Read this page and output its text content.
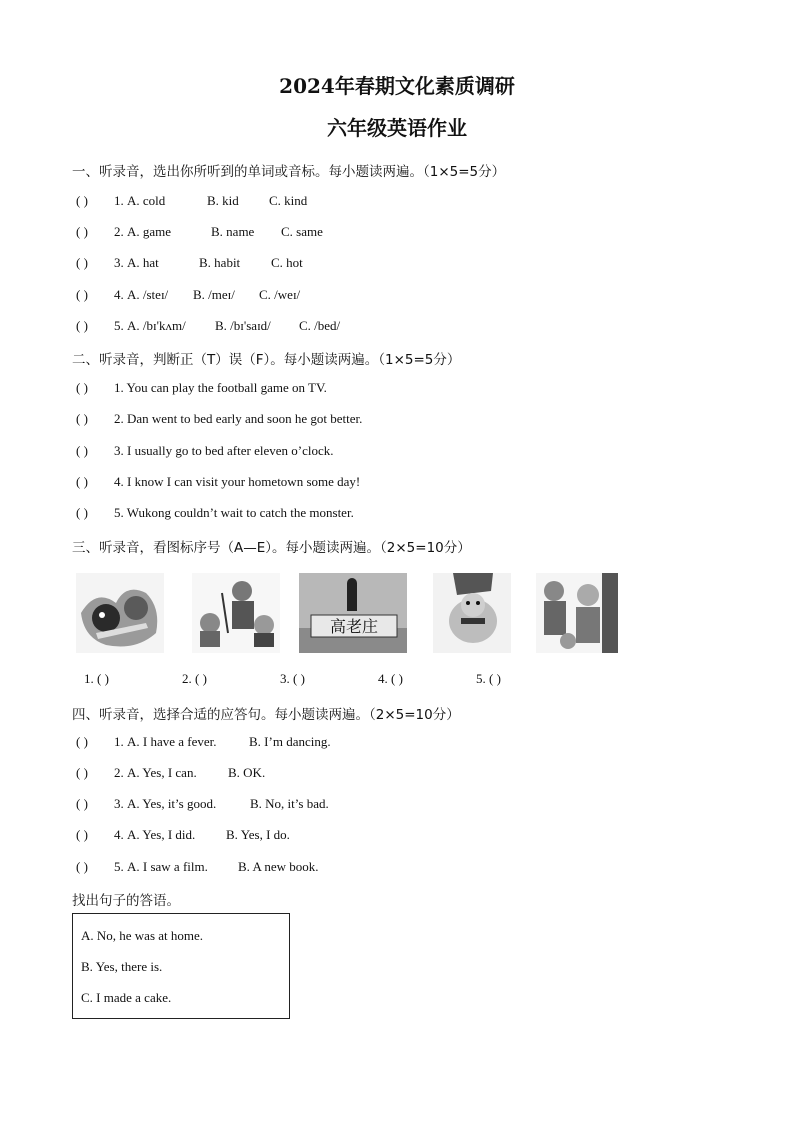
2024年春期文化素质调研
六年级英语作业
一、听录音，选出你所听到的单词或音标。每小题读两遍。（1×5=5分）
( ) 1. A. cold	B. kid C. kind
( ) 2. A. game	B. name C. same
( ) 3. A. hat	B. habit C. hot
( ) 4. A. /steɪ/ B. /meɪ/ C. /weɪ/
( ) 5. A. /bɪ'kʌm/ B. /bɪ'saɪd/ C. /bed/
二、听录音，判断正（T）误（F）。每小题读两遍。（1×5=5分）
( ) 1. You can play the football game on TV.
( ) 2. Dan went to bed early and soon he got better.
( ) 3. I usually go to bed after eleven o’clock.
( ) 4. I know I can visit your hometown some day!
( ) 5. Wukong couldn’t wait to catch the monster.
三、听录音，看图标序号（A—E）。每小题读两遍。（2×5=10分）
高老庄
1. ( )	2. ( )	3. ( )	4. ( )	5. ( )
四、听录音，选择合适的应答句。每小题读两遍。（2×5=10分）
( ) 1. A. I have a fever. B. I’m dancing.
( ) 2. A. Yes, I can. B. OK.
( ) 3. A. Yes, it’s good.	B. No, it’s bad.
( ) 4. A. Yes, I did. B. Yes, I do.
( ) 5. A. I saw a film. B. A new book.
找出句子的答语。
A. No, he was at home.
B. Yes, there is.
C. I made a cake.
